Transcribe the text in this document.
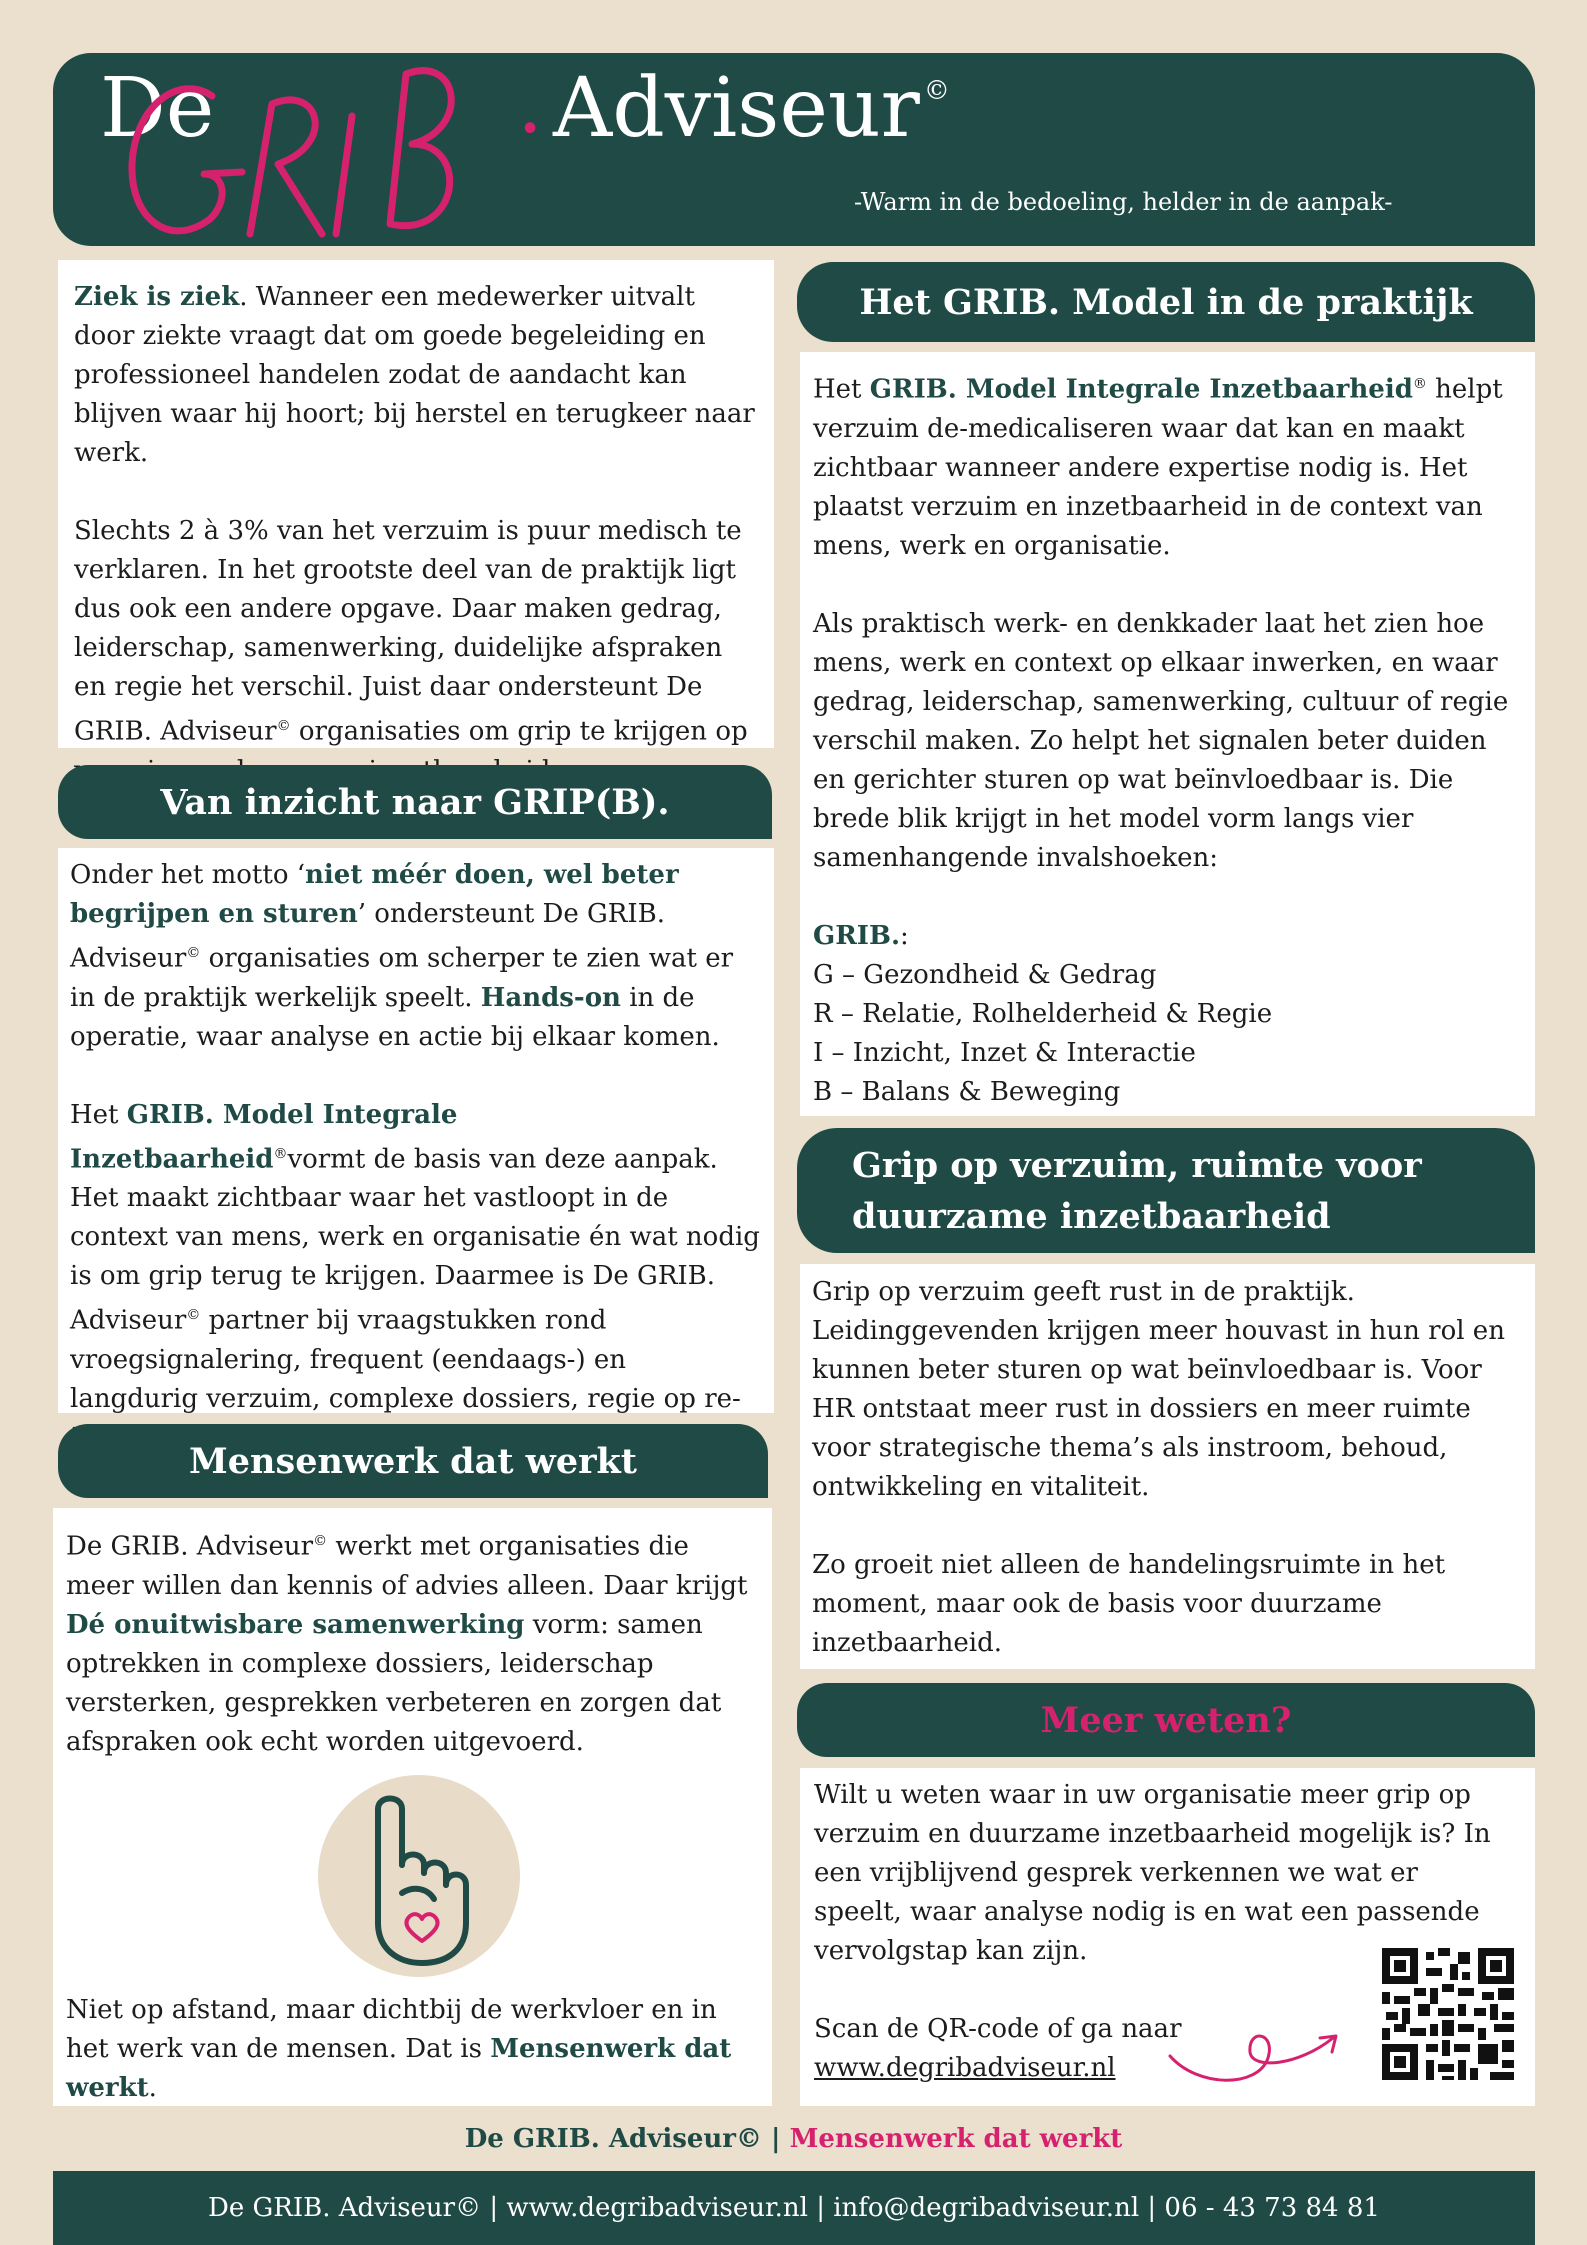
De
GRIB
. Adviseur ©
-Warm in de bedoeling, helder in de aanpak-

Ziek is ziek. Wanneer een medewerker uitvalt door ziekte vraagt dat om goede begeleiding en professioneel handelen zodat de aandacht kan blijven waar hij hoort; bij herstel en terugkeer naar werk.

Slechts 2 à 3% van het verzuim is puur medisch te verklaren. In het grootste deel van de praktijk ligt dus ook een andere opgave. Daar maken gedrag, leiderschap, samenwerking, duidelijke afspraken en regie het verschil. Juist daar ondersteunt De GRIB. Adviseur© organisaties om grip te krijgen op

Van inzicht naar GRIP(B).

Onder het motto ‘niet méér doen, wel beter begrijpen en sturen’ ondersteunt De GRIB. Adviseur© organisaties om scherper te zien wat er in de praktijk werkelijk speelt. Hands-on in de operatie, waar analyse en actie bij elkaar komen.

Het GRIB. Model Integrale Inzetbaarheid®vormt de basis van deze aanpak. Het maakt zichtbaar waar het vastloopt in de context van mens, werk en organisatie én wat nodig is om grip terug te krijgen. Daarmee is De GRIB. Adviseur© partner bij vraagstukken rond vroegsignalering, frequent (eendaags-) en langdurig verzuim, complexe dossiers, regie op re-

Mensenwerk dat werkt

De GRIB. Adviseur© werkt met organisaties die meer willen dan kennis of advies alleen. Daar krijgt Dé onuitwisbare samenwerking vorm: samen optrekken in complexe dossiers, leiderschap versterken, gesprekken verbeteren en zorgen dat afspraken ook echt worden uitgevoerd.

Niet op afstand, maar dichtbij de werkvloer en in het werk van de mensen. Dat is Mensenwerk dat werkt.

Het GRIB. Model in de praktijk

Het GRIB. Model Integrale Inzetbaarheid® helpt verzuim de-medicaliseren waar dat kan en maakt zichtbaar wanneer andere expertise nodig is. Het plaatst verzuim en inzetbaarheid in de context van mens, werk en organisatie.

Als praktisch werk- en denkkader laat het zien hoe mens, werk en context op elkaar inwerken, en waar gedrag, leiderschap, samenwerking, cultuur of regie verschil maken. Zo helpt het signalen beter duiden en gerichter sturen op wat beïnvloedbaar is. Die brede blik krijgt in het model vorm langs vier samenhangende invalshoeken:

GRIB.:

G – Gezondheid & Gedrag

R – Relatie, Rolhelderheid & Regie

I – Inzicht, Inzet & Interactie

B – Balans & Beweging

Grip op verzuim, ruimte voor
duurzame inzetbaarheid

Grip op verzuim geeft rust in de praktijk. Leidinggevenden krijgen meer houvast in hun rol en kunnen beter sturen op wat beïnvloedbaar is. Voor HR ontstaat meer rust in dossiers en meer ruimte voor strategische thema’s als instroom, behoud, ontwikkeling en vitaliteit.

Zo groeit niet alleen de handelingsruimte in het moment, maar ook de basis voor duurzame inzetbaarheid.

Meer weten?

Wilt u weten waar in uw organisatie meer grip op verzuim en duurzame inzetbaarheid mogelijk is? In een vrijblijvend gesprek verkennen we wat er speelt, waar analyse nodig is en wat een passende vervolgstap kan zijn.

Scan de QR-code of ga naar

www.degribadviseur.nl

De GRIB. Adviseur© | Mensenwerk dat werkt
De GRIB. Adviseur© | www.degribadviseur.nl | info@degribadviseur.nl | 06 - 43 73 84 81
